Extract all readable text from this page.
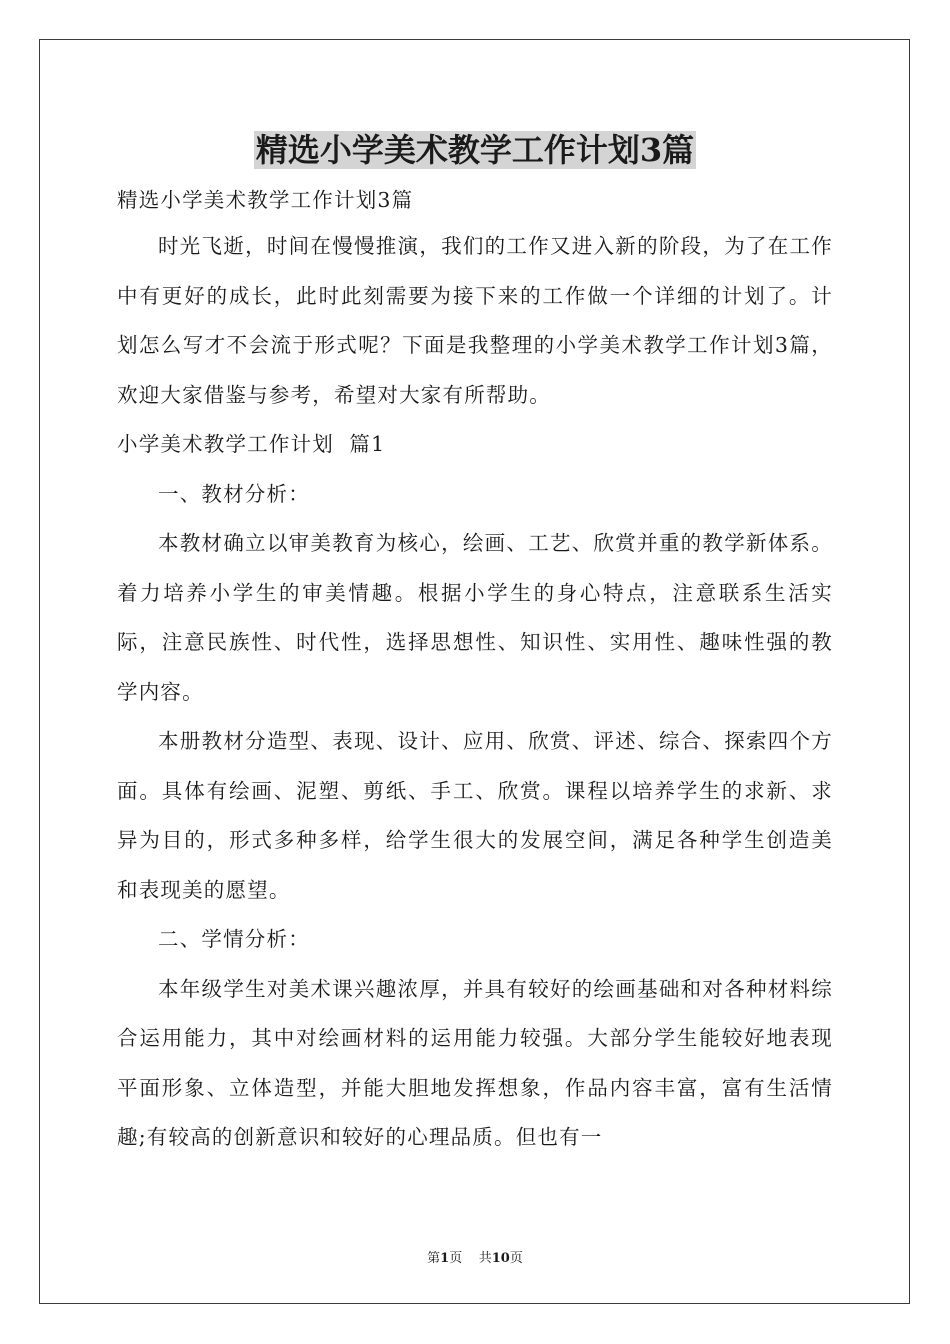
精选小学美术教学工作计划3篇

精选小学美术教学工作计划3篇

时光飞逝，时间在慢慢推演，我们的工作又进入新的阶段，为了在工作中有更好的成长，此时此刻需要为接下来的工作做一个详细的计划了。计划怎么写才不会流于形式呢？下面是我整理的小学美术教学工作计划3篇，欢迎大家借鉴与参考，希望对大家有所帮助。

小学美术教学工作计划  篇1

一、教材分析：

本教材确立以审美教育为核心，绘画、工艺、欣赏并重的教学新体系。着力培养小学生的审美情趣。根据小学生的身心特点，注意联系生活实际，注意民族性、时代性，选择思想性、知识性、实用性、趣味性强的教学内容。

本册教材分造型、表现、设计、应用、欣赏、评述、综合、探索四个方面。具体有绘画、泥塑、剪纸、手工、欣赏。课程以培养学生的求新、求异为目的，形式多种多样，给学生很大的发展空间，满足各种学生创造美和表现美的愿望。

二、学情分析：

本年级学生对美术课兴趣浓厚，并具有较好的绘画基础和对各种材料综合运用能力，其中对绘画材料的运用能力较强。大部分学生能较好地表现平面形象、立体造型，并能大胆地发挥想象，作品内容丰富，富有生活情趣;有较高的创新意识和较好的心理品质。但也有一

第1页 共10页
